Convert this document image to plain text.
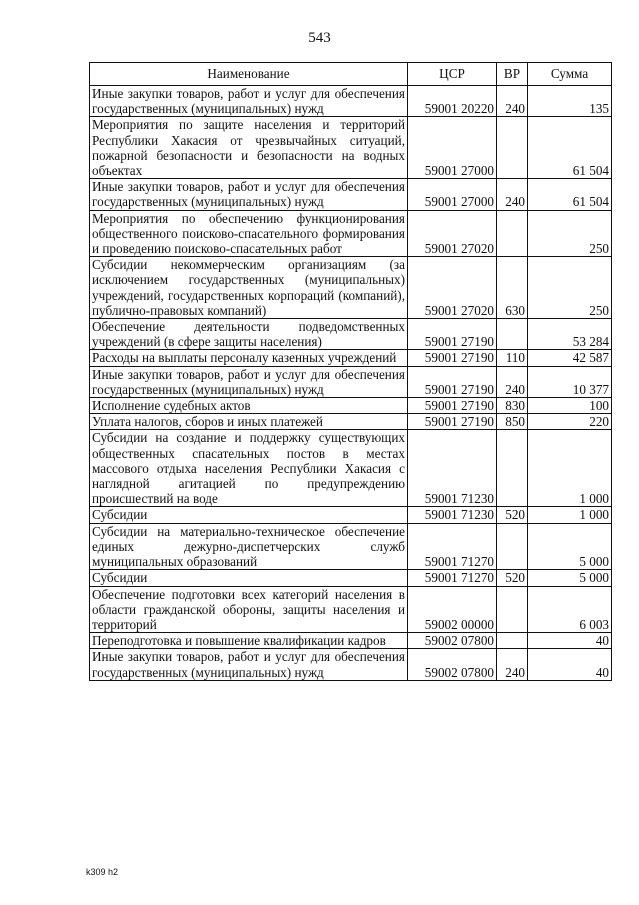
543
Наименование	ЦСР	ВР	Сумма
Иные закупки товаров, работ и услуг для обеспечения государственных (муниципальных) нужд	59001 20220	240	135
Мероприятия по защите населения и территорий Республики Хакасия от чрезвычайных ситуаций, пожарной безопасности и безопасности на водных объектах	59001 27000		61 504
Иные закупки товаров, работ и услуг для обеспечения государственных (муниципальных) нужд	59001 27000	240	61 504
Мероприятия по обеспечению функционирования общественного поисково-спасательного формирования и проведению поисково-спасательных работ	59001 27020		250
Субсидии некоммерческим организациям (за исключением государственных (муниципальных) учреждений, государственных корпораций (компаний), публично-правовых компаний)	59001 27020	630	250
Обеспечение деятельности подведомственных учреждений (в сфере защиты населения)	59001 27190		53 284
Расходы на выплаты персоналу казенных учреждений	59001 27190	110	42 587
Иные закупки товаров, работ и услуг для обеспечения государственных (муниципальных) нужд	59001 27190	240	10 377
Исполнение судебных актов	59001 27190	830	100
Уплата налогов, сборов и иных платежей	59001 27190	850	220
Субсидии на создание и поддержку существующих общественных спасательных постов в местах массового отдыха населения Республики Хакасия с наглядной агитацией по предупреждению происшествий на воде	59001 71230		1 000
Субсидии	59001 71230	520	1 000
Субсидии на материально-техническое обеспечение единых дежурно-диспетчерских служб муниципальных образований	59001 71270		5 000
Субсидии	59001 71270	520	5 000
Обеспечение подготовки всех категорий населения в области гражданской обороны, защиты населения и территорий	59002 00000		6 003
Переподготовка и повышение квалификации кадров	59002 07800		40
Иные закупки товаров, работ и услуг для обеспечения государственных (муниципальных) нужд	59002 07800	240	40
k309 h2
